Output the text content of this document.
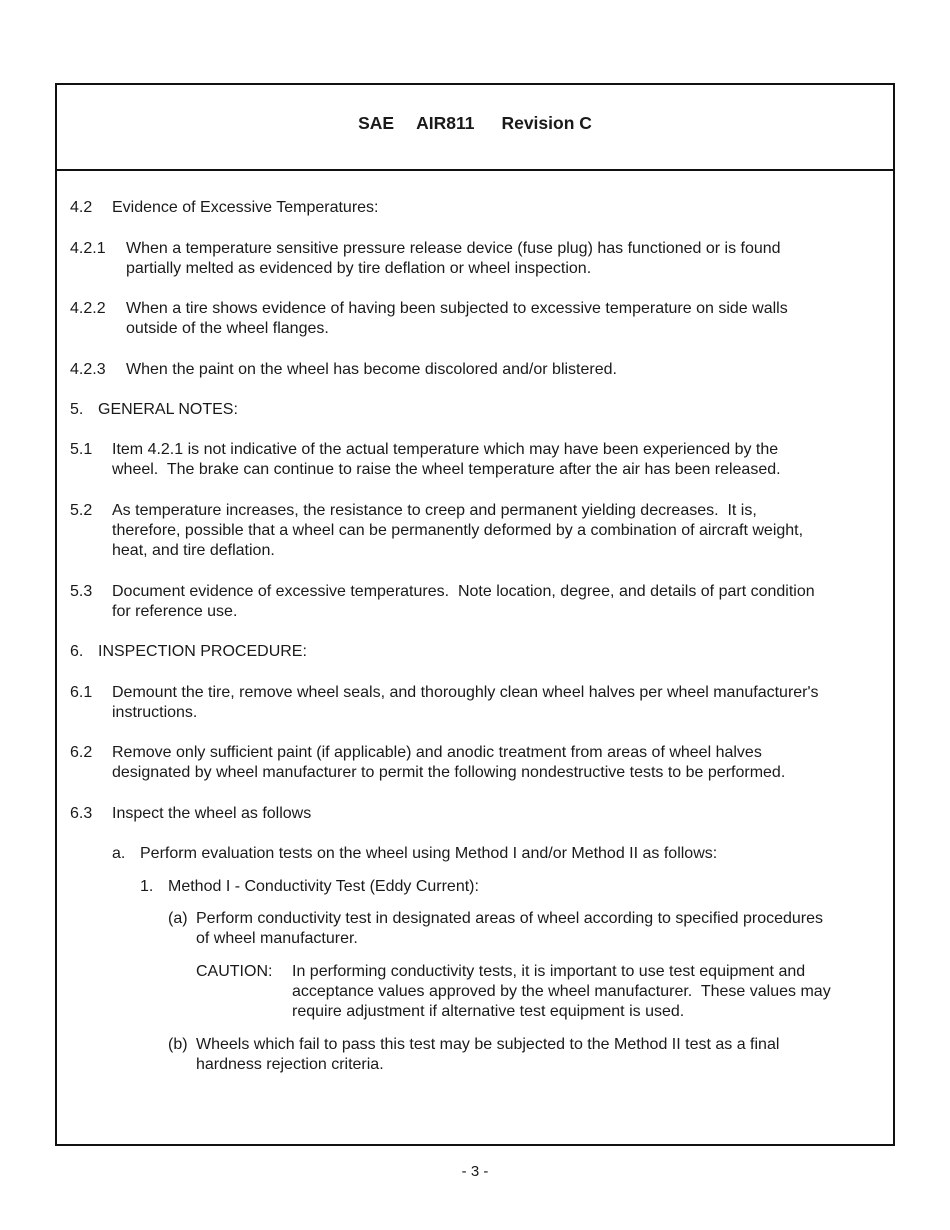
SAE AIR811 Revision C
4.2 Evidence of Excessive Temperatures:
4.2.1 When a temperature sensitive pressure release device (fuse plug) has functioned or is found
partially melted as evidenced by tire deflation or wheel inspection.
4.2.2 When a tire shows evidence of having been subjected to excessive temperature on side walls
outside of the wheel flanges.
4.2.3 When the paint on the wheel has become discolored and/or blistered.
5. GENERAL NOTES:
5.1 Item 4.2.1 is not indicative of the actual temperature which may have been experienced by the
wheel.  The brake can continue to raise the wheel temperature after the air has been released.
5.2 As temperature increases, the resistance to creep and permanent yielding decreases.  It is,
therefore, possible that a wheel can be permanently deformed by a combination of aircraft weight,
heat, and tire deflation.
5.3 Document evidence of excessive temperatures.  Note location, degree, and details of part condition
for reference use.
6. INSPECTION PROCEDURE:
6.1 Demount the tire, remove wheel seals, and thoroughly clean wheel halves per wheel manufacturer's
instructions.
6.2 Remove only sufficient paint (if applicable) and anodic treatment from areas of wheel halves
designated by wheel manufacturer to permit the following nondestructive tests to be performed.
6.3 Inspect the wheel as follows
a. Perform evaluation tests on the wheel using Method I and/or Method II as follows:
1. Method I - Conductivity Test (Eddy Current):
(a) Perform conductivity test in designated areas of wheel according to specified procedures
of wheel manufacturer.
CAUTION: In performing conductivity tests, it is important to use test equipment and
acceptance values approved by the wheel manufacturer.  These values may
require adjustment if alternative test equipment is used.
(b) Wheels which fail to pass this test may be subjected to the Method II test as a final
hardness rejection criteria.
- 3 -
